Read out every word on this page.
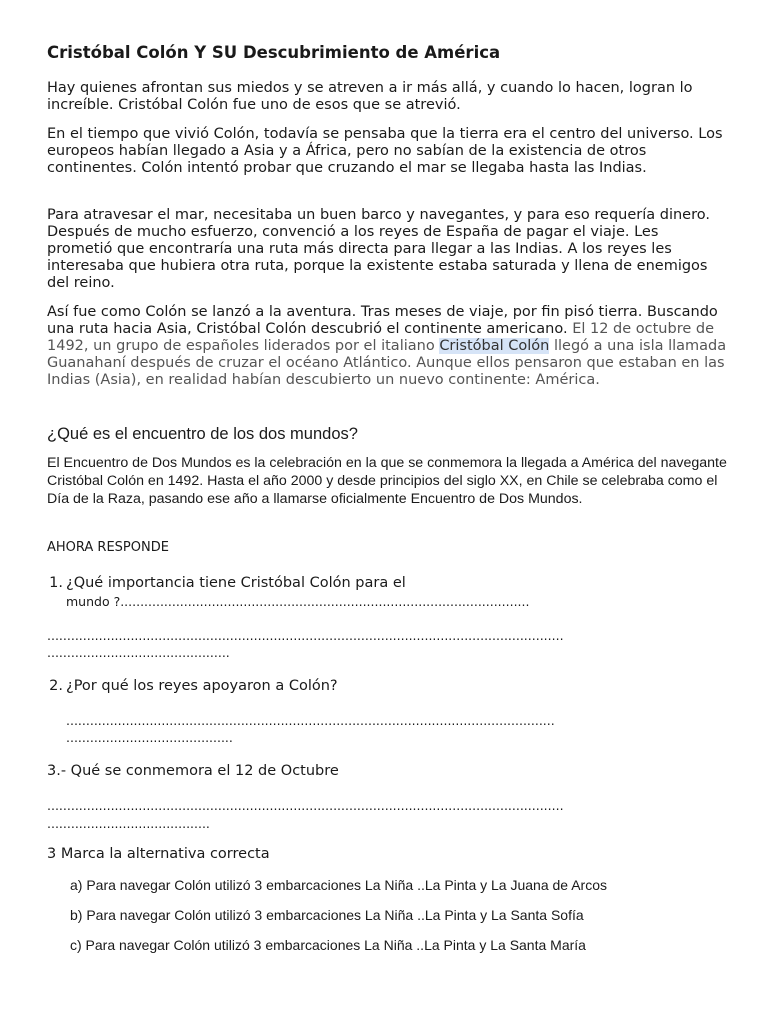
Cristóbal Colón Y SU Descubrimiento de América

Hay quienes afrontan sus miedos y se atreven a ir más allá, y cuando lo hacen, logran lo increíble. Cristóbal Colón fue uno de esos que se atrevió.

En el tiempo que vivió Colón, todavía se pensaba que la tierra era el centro del universo. Los europeos habían llegado a Asia y a África, pero no sabían de la existencia de otros continentes. Colón intentó probar que cruzando el mar se llegaba hasta las Indias.

Para atravesar el mar, necesitaba un buen barco y navegantes, y para eso requería dinero. Después de mucho esfuerzo, convenció a los reyes de España de pagar el viaje. Les prometió que encontraría una ruta más directa para llegar a las Indias. A los reyes les interesaba que hubiera otra ruta, porque la existente estaba saturada y llena de enemigos del reino.

Así fue como Colón se lanzó a la aventura. Tras meses de viaje, por fin pisó tierra. Buscando una ruta hacia Asia, Cristóbal Colón descubrió el continente americano. El 12 de octubre de 1492, un grupo de españoles liderados por el italiano Cristóbal Colón llegó a una isla llamada Guanahaní después de cruzar el océano Atlántico. Aunque ellos pensaron que estaban en las Indias (Asia), en realidad habían descubierto un nuevo continente: América.

¿Qué es el encuentro de los dos mundos?

El Encuentro de Dos Mundos es la celebración en la que se conmemora la llegada a América del navegante Cristóbal Colón en 1492. Hasta el año 2000 y desde principios del siglo XX, en Chile se celebraba como el Día de la Raza, pasando ese año a llamarse oficialmente Encuentro de Dos Mundos.

AHORA RESPONDE
1. ¿Qué importancia tiene Cristóbal Colón para el
mundo ?.......................................................................................................
..................................................................................................................................
..............................................
2. ¿Por qué los reyes apoyaron a Colón?
...........................................................................................................................
..........................................
3.- Qué se conmemora el 12 de Octubre
..................................................................................................................................
.........................................
3 Marca la alternativa correcta
a) Para navegar Colón utilizó 3 embarcaciones La Niña ..La Pinta y La Juana de Arcos
b) Para navegar Colón utilizó 3 embarcaciones La Niña ..La Pinta y La Santa Sofía
c) Para navegar Colón utilizó 3 embarcaciones La Niña ..La Pinta y La Santa María
